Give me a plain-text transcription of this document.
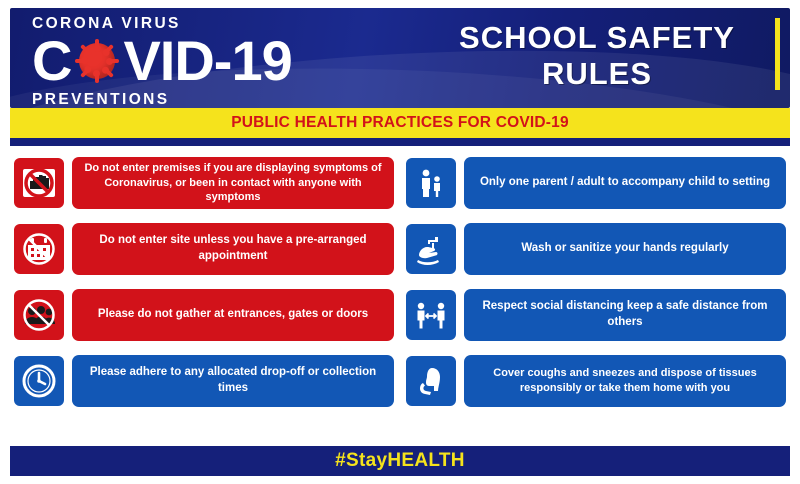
CORONA VIRUS
C VID-19
PREVENTIONS
SCHOOL SAFETY
RULES
PUBLIC HEALTH PRACTICES FOR COVID-19
Do not enter premises if you are displaying symptoms of Coronavirus, or been in contact with anyone with symptoms
Do not enter site unless you have a pre-arranged appointment
Please do not gather at entrances, gates or doors
Please adhere to any allocated drop-off or collection times
Only one parent / adult to accompany child to setting
Wash or sanitize your hands regularly
Respect social distancing keep a safe distance from others
Cover coughs and sneezes and dispose of tissues responsibly or take them home with you
#StayHEALTH
